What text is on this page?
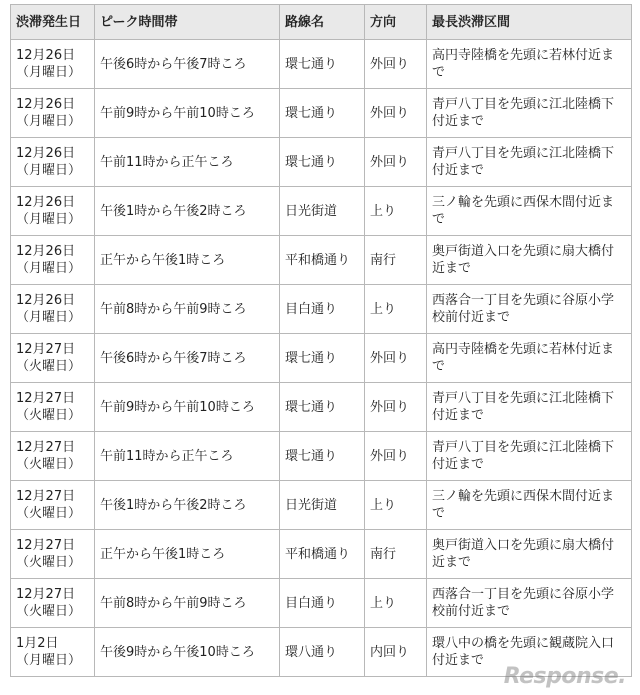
渋滞発生日	ピーク時間帯	路線名	方向	最長渋滞区間
12月26日
（月曜日）	午後6時から午後7時ころ	環七通り	外回り	高円寺陸橋を先頭に若林付近まで
12月26日
（月曜日）	午前9時から午前10時ころ	環七通り	外回り	青戸八丁目を先頭に江北陸橋下付近まで
12月26日
（月曜日）	午前11時から正午ころ	環七通り	外回り	青戸八丁目を先頭に江北陸橋下付近まで
12月26日
（月曜日）	午後1時から午後2時ころ	日光街道	上り	三ノ輪を先頭に西保木間付近まで
12月26日
（月曜日）	正午から午後1時ころ	平和橋通り	南行	奥戸街道入口を先頭に扇大橋付近まで
12月26日
（月曜日）	午前8時から午前9時ころ	目白通り	上り	西落合一丁目を先頭に谷原小学校前付近まで
12月27日
（火曜日）	午後6時から午後7時ころ	環七通り	外回り	高円寺陸橋を先頭に若林付近まで
12月27日
（火曜日）	午前9時から午前10時ころ	環七通り	外回り	青戸八丁目を先頭に江北陸橋下付近まで
12月27日
（火曜日）	午前11時から正午ころ	環七通り	外回り	青戸八丁目を先頭に江北陸橋下付近まで
12月27日
（火曜日）	午後1時から午後2時ころ	日光街道	上り	三ノ輪を先頭に西保木間付近まで
12月27日
（火曜日）	正午から午後1時ころ	平和橋通り	南行	奥戸街道入口を先頭に扇大橋付近まで
12月27日
（火曜日）	午前8時から午前9時ころ	目白通り	上り	西落合一丁目を先頭に谷原小学校前付近まで
1月2日
（月曜日）	午後9時から午後10時ころ	環八通り	内回り	環八中の橋を先頭に観蔵院入口付近まで
Response.
